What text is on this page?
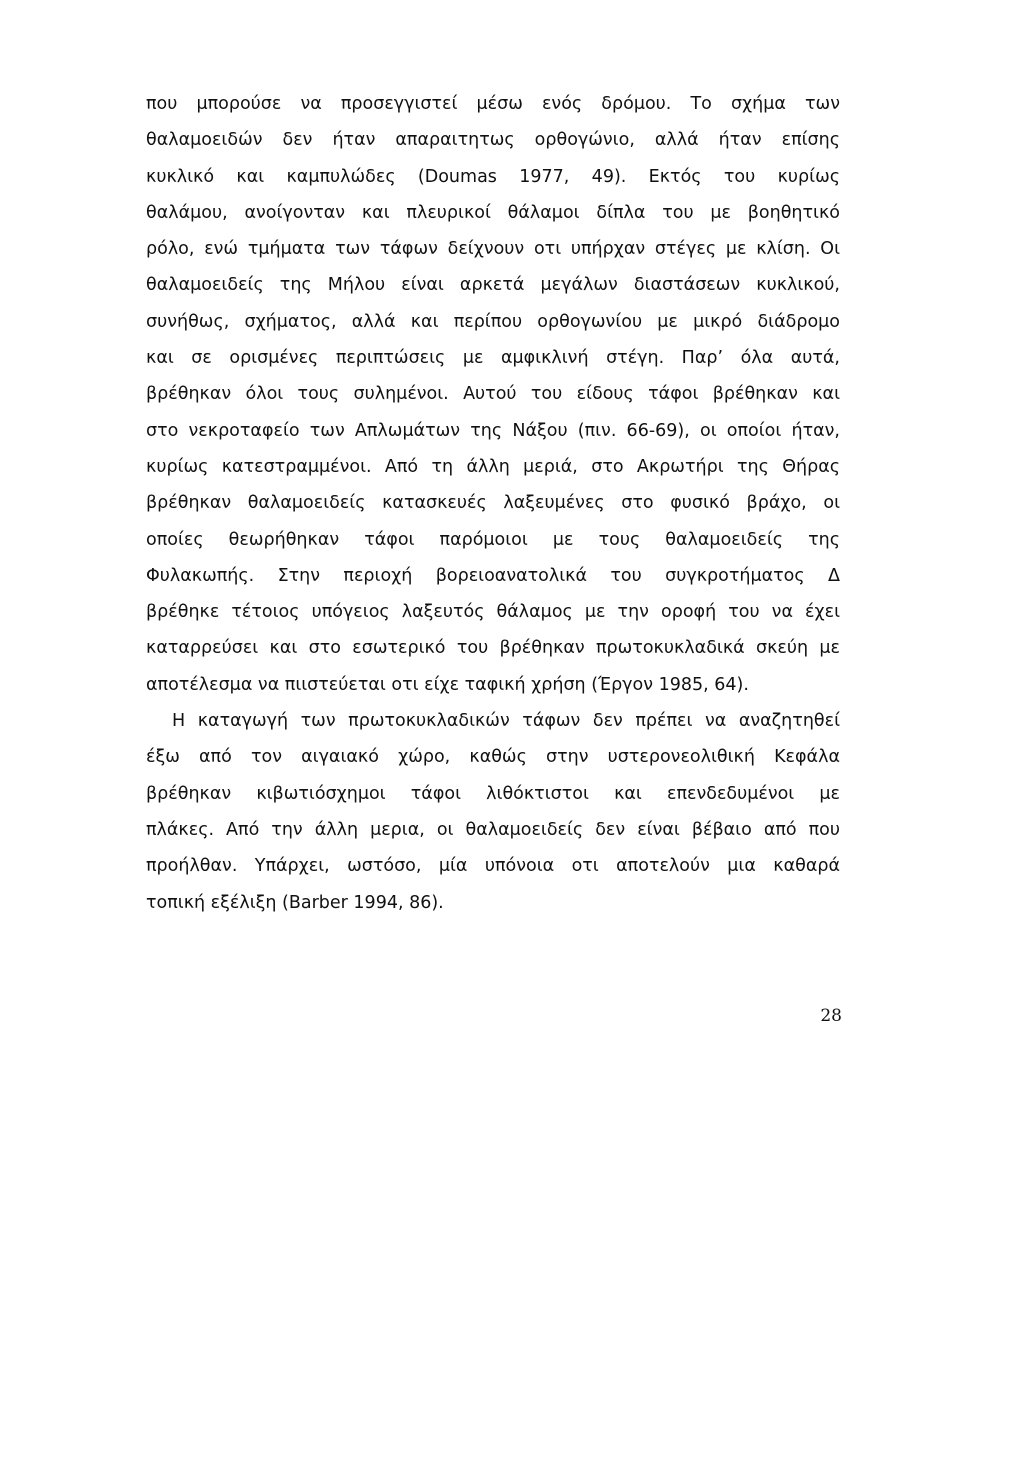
που μπορούσε να προσεγγιστεί μέσω ενός δρόμου. Το σχήμα των
θαλαμοειδών δεν ήταν απαραιτητως ορθογώνιο, αλλά ήταν επίσης
κυκλικό και καμπυλώδες (Doumas 1977, 49). Εκτός του κυρίως
θαλάμου, ανοίγονταν και πλευρικοί θάλαμοι δίπλα του με βοηθητικό
ρόλο, ενώ τμήματα των τάφων δείχνουν οτι υπήρχαν στέγες με κλίση. Οι
θαλαμοειδείς της Μήλου είναι αρκετά μεγάλων διαστάσεων κυκλικού,
συνήθως, σχήματος, αλλά και περίπου ορθογωνίου με μικρό διάδρομο
και σε ορισμένες περιπτώσεις με αμφικλινή στέγη. Παρ’ όλα αυτά,
βρέθηκαν όλοι τους συλημένοι. Αυτού του είδους τάφοι βρέθηκαν και
στο νεκροταφείο των Απλωμάτων της Νάξου (πιν. 66-69), οι οποίοι ήταν,
κυρίως κατεστραμμένοι. Από τη άλλη μεριά, στο Ακρωτήρι της Θήρας
βρέθηκαν θαλαμοειδείς κατασκευές λαξευμένες στο φυσικό βράχο, οι
οποίες θεωρήθηκαν τάφοι παρόμοιοι με τους θαλαμοειδείς της
Φυλακωπής. Στην περιοχή βορειοανατολικά του συγκροτήματος Δ
βρέθηκε τέτοιος υπόγειος λαξευτός θάλαμος με την οροφή του να έχει
καταρρεύσει και στο εσωτερικό του βρέθηκαν πρωτοκυκλαδικά σκεύη με
αποτέλεσμα να πιιστεύεται οτι είχε ταφική χρήση (Έργον 1985, 64).
Η καταγωγή των πρωτοκυκλαδικών τάφων δεν πρέπει να αναζητηθεί
έξω από τον αιγαιακό χώρο, καθώς στην υστερονεολιθική Κεφάλα
βρέθηκαν κιβωτιόσχημοι τάφοι λιθόκτιστοι και επενδεδυμένοι με
πλάκες. Από την άλλη μερια, οι θαλαμοειδείς δεν είναι βέβαιο από που
προήλθαν. Υπάρχει, ωστόσο, μία υπόνοια οτι αποτελούν μια καθαρά
τοπική εξέλιξη (Barber 1994, 86).
28
